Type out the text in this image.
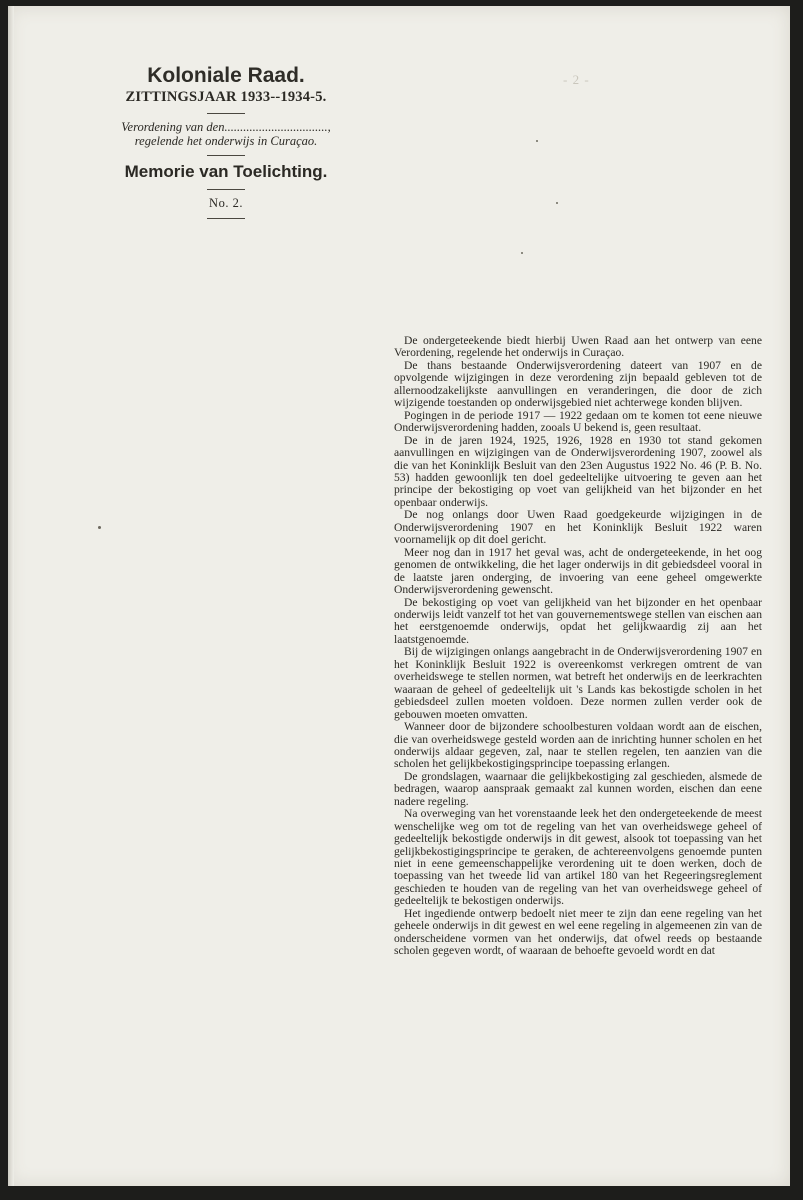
- 2 -
Koloniale Raad.

ZITTINGSJAAR 1933--1934-5.

Verordening van den.................................,

regelende het onderwijs in Curaçao.

Memorie van Toelichting.

No. 2.

De ondergeteekende biedt hierbij Uwen Raad aan het ontwerp van eene Verordening, regelende het onderwijs in Curaçao.

De thans bestaande Onderwijsverordening dateert van 1907 en de opvolgende wijzigingen in deze verordening zijn bepaald gebleven tot de allernoodzakelijkste aanvullingen en veranderingen, die door de zich wijzigende toestanden op onderwijsgebied niet achterwege konden blijven.

Pogingen in de periode 1917 — 1922 gedaan om te komen tot eene nieuwe Onderwijsverordening hadden, zooals U bekend is, geen resultaat.

De in de jaren 1924, 1925, 1926, 1928 en 1930 tot stand gekomen aanvullingen en wijzigingen van de Onderwijsverordening 1907, zoowel als die van het Koninklijk Besluit van den 23en Augustus 1922 No. 46 (P. B. No. 53) hadden gewoonlijk ten doel gedeeltelijke uitvoering te geven aan het principe der bekostiging op voet van gelijkheid van het bijzonder en het openbaar onderwijs.

De nog onlangs door Uwen Raad goedgekeurde wijzigingen in de Onderwijsverordening 1907 en het Koninklijk Besluit 1922 waren voornamelijk op dit doel gericht.

Meer nog dan in 1917 het geval was, acht de ondergeteekende, in het oog genomen de ontwikkeling, die het lager onderwijs in dit gebiedsdeel vooral in de laatste jaren onderging, de invoering van eene geheel omgewerkte Onderwijsverordening gewenscht.

De bekostiging op voet van gelijkheid van het bijzonder en het openbaar onderwijs leidt vanzelf tot het van gouvernementswege stellen van eischen aan het eerstgenoemde onderwijs, opdat het gelijkwaardig zij aan het laatstgenoemde.

Bij de wijzigingen onlangs aangebracht in de Onderwijsverordening 1907 en het Koninklijk Besluit 1922 is overeenkomst verkregen omtrent de van overheidswege te stellen normen, wat betreft het onderwijs en de leerkrachten waaraan de geheel of gedeeltelijk uit 's Lands kas bekostigde scholen in het gebiedsdeel zullen moeten voldoen. Deze normen zullen verder ook de gebouwen moeten omvatten.

Wanneer door de bijzondere schoolbesturen voldaan wordt aan de eischen, die van overheidswege gesteld worden aan de inrichting hunner scholen en het onderwijs aldaar gegeven, zal, naar te stellen regelen, ten aanzien van die scholen het gelijkbekostigingsprincipe toepassing erlangen.

De grondslagen, waarnaar die gelijkbekostiging zal geschieden, alsmede de bedragen, waarop aanspraak gemaakt zal kunnen worden, eischen dan eene nadere regeling.

Na overweging van het vorenstaande leek het den ondergeteekende de meest wenschelijke weg om tot de regeling van het van overheidswege geheel of gedeeltelijk bekostigde onderwijs in dit gewest, alsook tot toepassing van het gelijkbekostigingsprincipe te geraken, de achtereenvolgens genoemde punten niet in eene gemeenschappelijke verordening uit te doen werken, doch de toepassing van het tweede lid van artikel 180 van het Regeeringsreglement geschieden te houden van de regeling van het van overheidswege geheel of gedeeltelijk te bekostigen onderwijs.

Het ingediende ontwerp bedoelt niet meer te zijn dan eene regeling van het geheele onderwijs in dit gewest en wel eene regeling in algemeenen zin van de onderscheidene vormen van het onderwijs, dat ofwel reeds op bestaande scholen gegeven wordt, of waaraan de behoefte gevoeld wordt en dat
